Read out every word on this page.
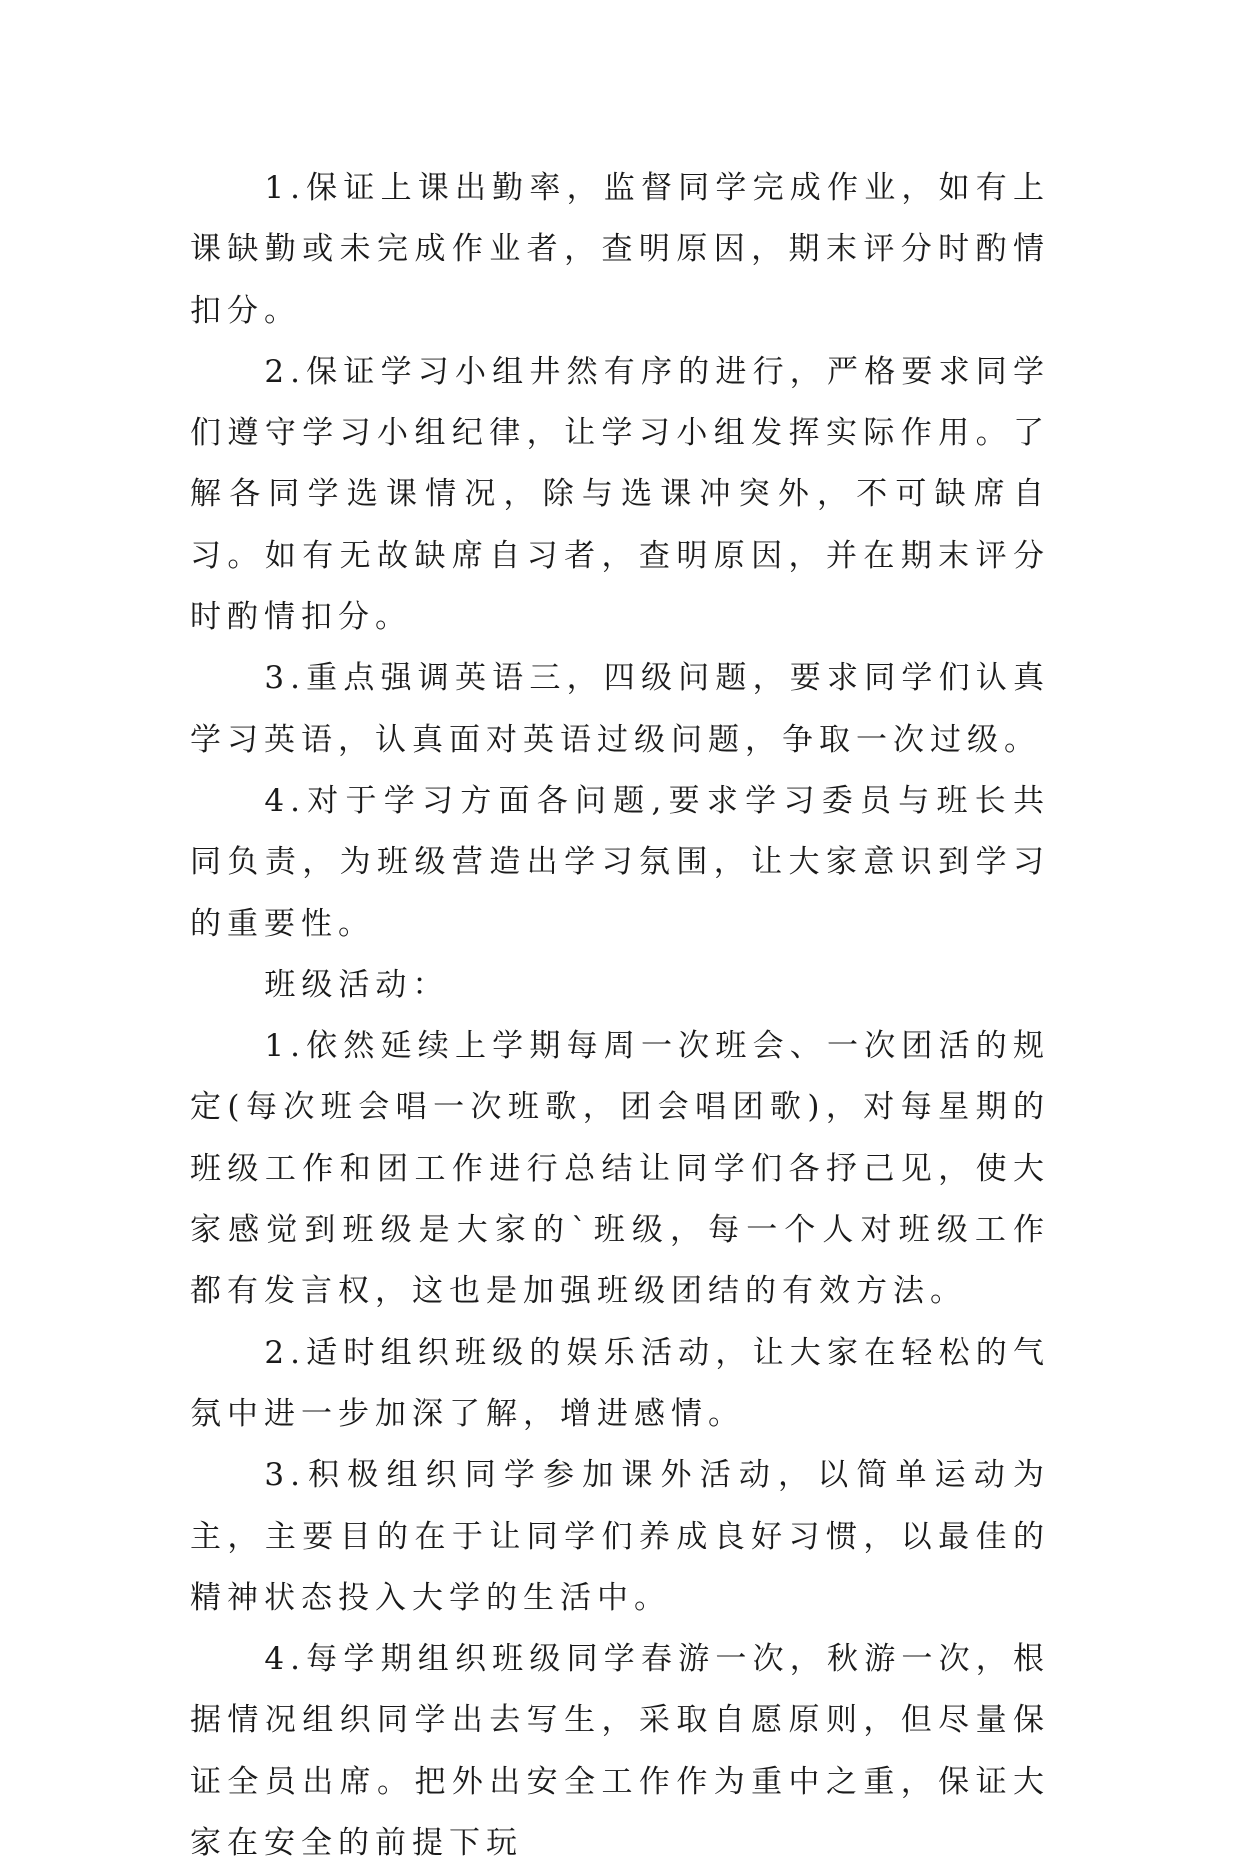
1.保证上课出勤率，监督同学完成作业，如有上课缺勤或未完成作业者，查明原因，期末评分时酌情扣分。

2.保证学习小组井然有序的进行，严格要求同学们遵守学习小组纪律，让学习小组发挥实际作用。了解各同学选课情况，除与选课冲突外，不可缺席自习。如有无故缺席自习者，查明原因，并在期末评分时酌情扣分。

3.重点强调英语三，四级问题，要求同学们认真学习英语，认真面对英语过级问题，争取一次过级。

4.对于学习方面各问题,要求学习委员与班长共同负责，为班级营造出学习氛围，让大家意识到学习的重要性。

班级活动：

1.依然延续上学期每周一次班会、一次团活的规定(每次班会唱一次班歌，团会唱团歌)，对每星期的班级工作和团工作进行总结让同学们各抒己见，使大家感觉到班级是大家的`班级，每一个人对班级工作都有发言权，这也是加强班级团结的有效方法。

2.适时组织班级的娱乐活动，让大家在轻松的气氛中进一步加深了解，增进感情。

3.积极组织同学参加课外活动，以简单运动为主，主要目的在于让同学们养成良好习惯，以最佳的精神状态投入大学的生活中。

4.每学期组织班级同学春游一次，秋游一次，根据情况组织同学出去写生，采取自愿原则，但尽量保证全员出席。把外出安全工作作为重中之重，保证大家在安全的前提下玩
